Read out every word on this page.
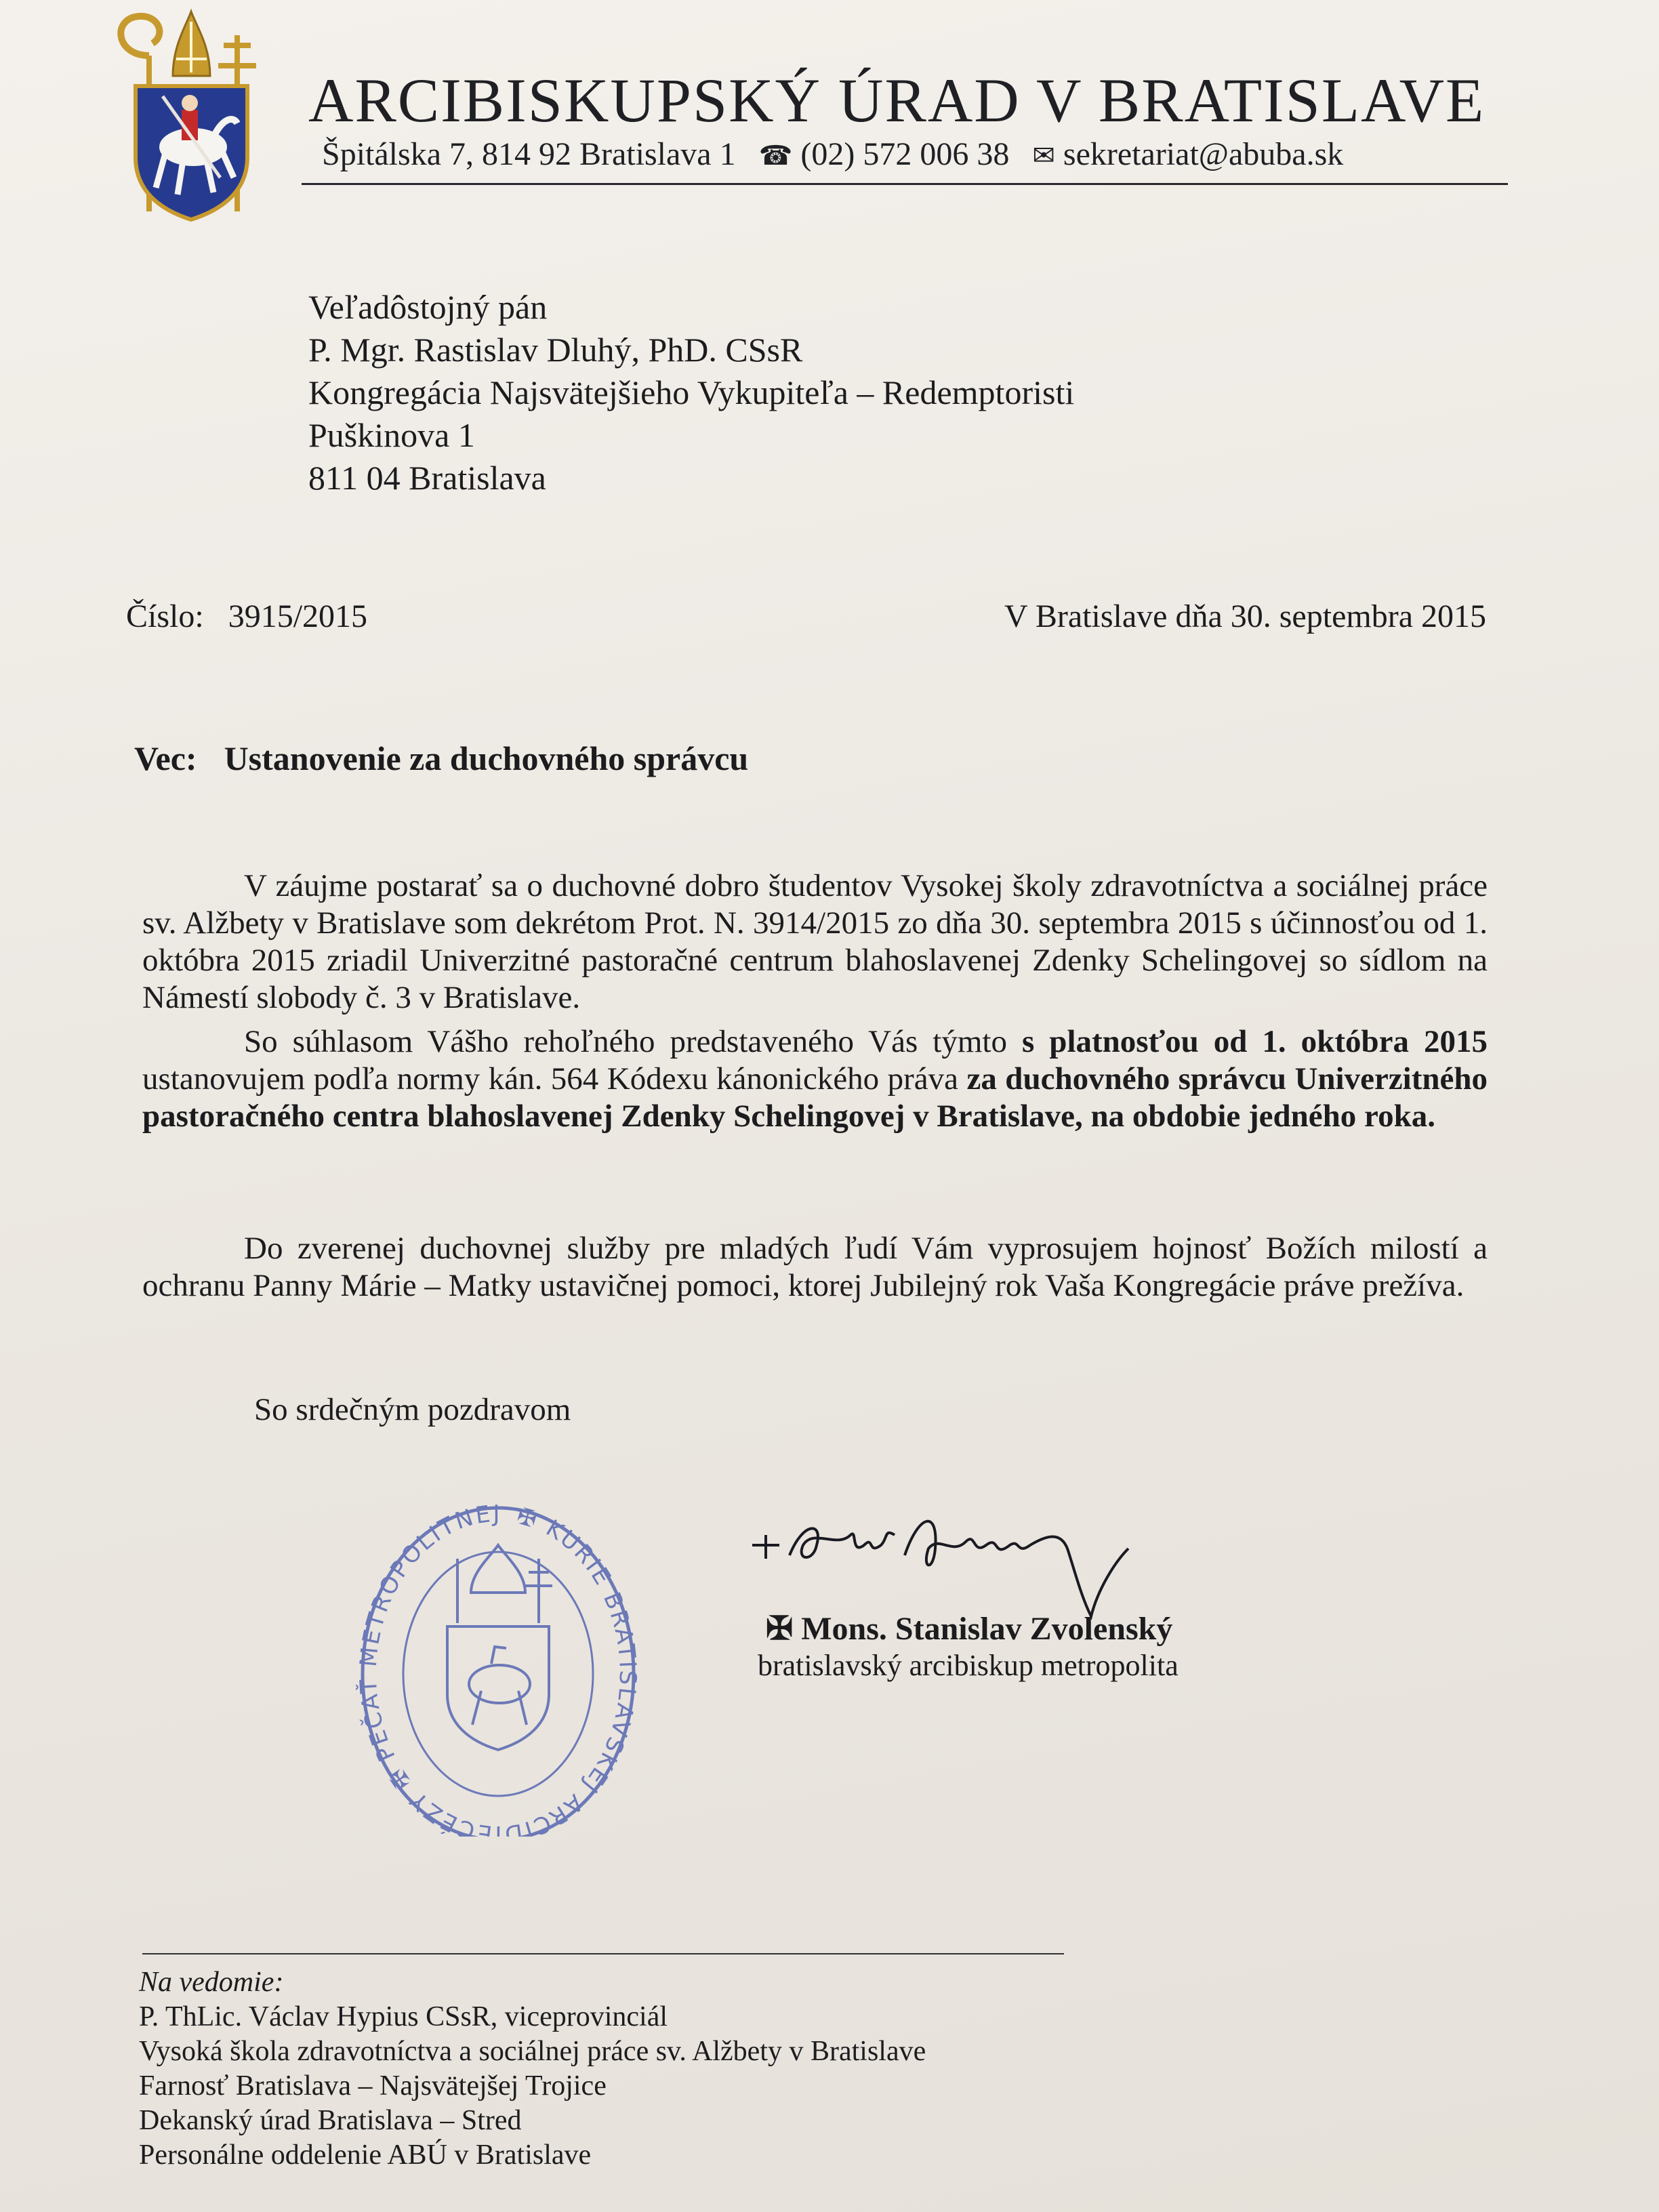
ARCIBISKUPSKÝ ÚRAD V BRATISLAVE
Špitálska 7, 814 92 Bratislava 1 ☎ (02) 572 006 38 ✉ sekretariat@abuba.sk
Veľadôstojný pán
P. Mgr. Rastislav Dluhý, PhD. CSsR
Kongregácia Najsvätejšieho Vykupiteľa – Redemptoristi
Puškinova 1
811 04 Bratislava
Číslo: 3915/2015	V Bratislave dňa 30. septembra 2015
Vec: Ustanovenie za duchovného správcu
V záujme postarať sa o duchovné dobro študentov Vysokej školy zdravotníctva a sociálnej práce sv. Alžbety v Bratislave som dekrétom Prot. N. 3914/2015 zo dňa 30. septembra 2015 s účinnosťou od 1. októbra 2015 zriadil Univerzitné pastoračné centrum blahoslavenej Zdenky Schelingovej so sídlom na Námestí slobody č. 3 v Bratislave.
So súhlasom Vášho rehoľného predstaveného Vás týmto s platnosťou od 1. októbra 2015 ustanovujem podľa normy kán. 564 Kódexu kánonického práva za duchovného správcu Univerzitného pastoračného centra blahoslavenej Zdenky Schelingovej v Bratislave, na obdobie jedného roka.
Do zverenej duchovnej služby pre mladých ľudí Vám vyprosujem hojnosť Božích milostí a ochranu Panny Márie – Matky ustavičnej pomoci, ktorej Jubilejný rok Vaša Kongregácie práve prežíva.
So srdečným pozdravom
✠ KURIE BRATISLAVSKEJ ARCIDIECÉZY ✠ PEČAŤ METROPOLITNEJ
✠ Mons. Stanislav Zvolenský
bratislavský arcibiskup metropolita
Na vedomie:
P. ThLic. Václav Hypius CSsR, viceprovinciál
Vysoká škola zdravotníctva a sociálnej práce sv. Alžbety v Bratislave
Farnosť Bratislava – Najsvätejšej Trojice
Dekanský úrad Bratislava – Stred
Personálne oddelenie ABÚ v Bratislave
